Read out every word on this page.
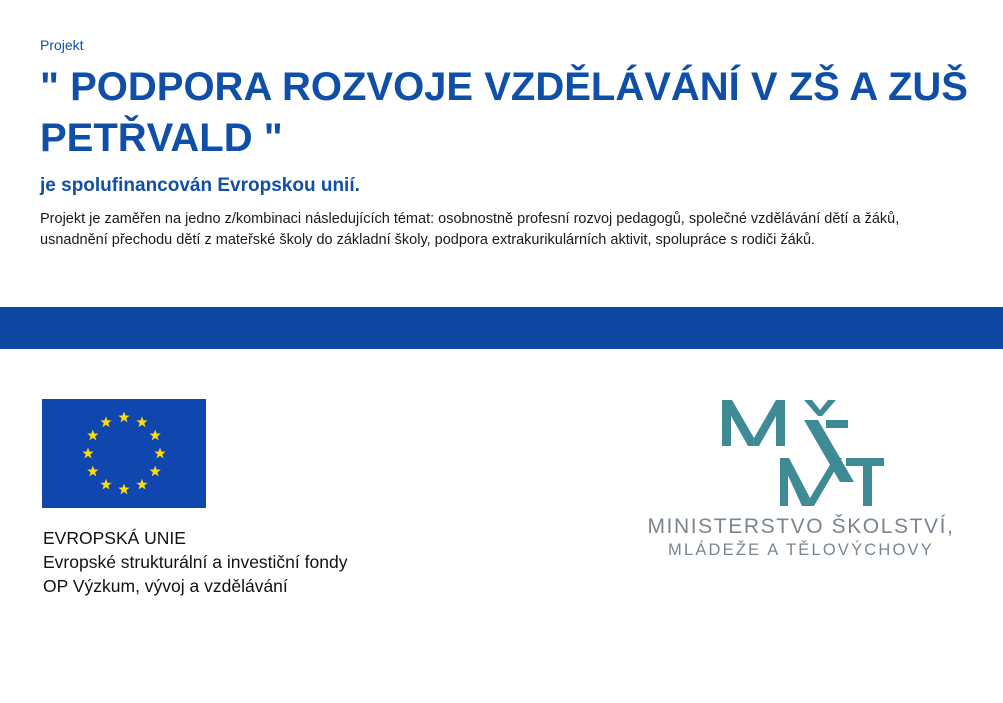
Projekt
" PODPORA ROZVOJE VZDĚLÁVÁNÍ V ZŠ A ZUŠ PETŘVALD "
je spolufinancován Evropskou unií.
Projekt je zaměřen na jedno z/kombinaci následujících témat: osobnostně profesní rozvoj pedagogů, společné vzdělávání dětí a žáků, usnadnění přechodu dětí z mateřské školy do základní školy, podpora extrakurikulárních aktivit, spolupráce s rodiči žáků.
EVROPSKÁ UNIE
Evropské strukturální a investiční fondy
OP Výzkum, vývoj a vzdělávání
MINISTERSTVO ŠKOLSTVÍ,
MLÁDEŽE A TĚLOVÝCHOVY
